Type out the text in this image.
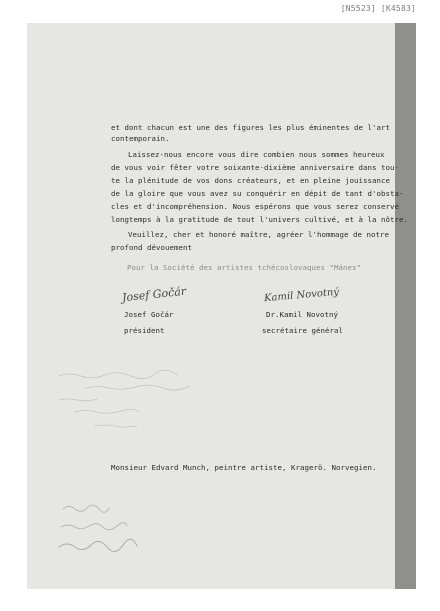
[N5523] [K4583]
et dont chacun est une des figures les plus éminentes de l'art
contemporain.
Laissez-nous encore vous dire combien nous sommes heureux
de vous voir fêter votre soixante-dixième anniversaire dans tou-
te la plénitude de vos dons créateurs, et en pleine jouissance
de la gloire que vous avez su conquérir en dépit de tant d'obsta-
cles et d'incompréhension. Nous espérons que vous serez conservé
longtemps à la gratitude de tout l'univers cultivé, et à la nôtre.
Veuillez, cher et honoré maître, agréer l'hommage de notre
profond dévouement
Pour la Société des artistes tchécoslovaques "Mánes"
Josef Gočár	Kamil Novotný
Josef Gočár
président
Dr.Kamil Novotný
secrétaire général
Monsieur Edvard Munch, peintre artiste, Kragerö. Norvegien.
